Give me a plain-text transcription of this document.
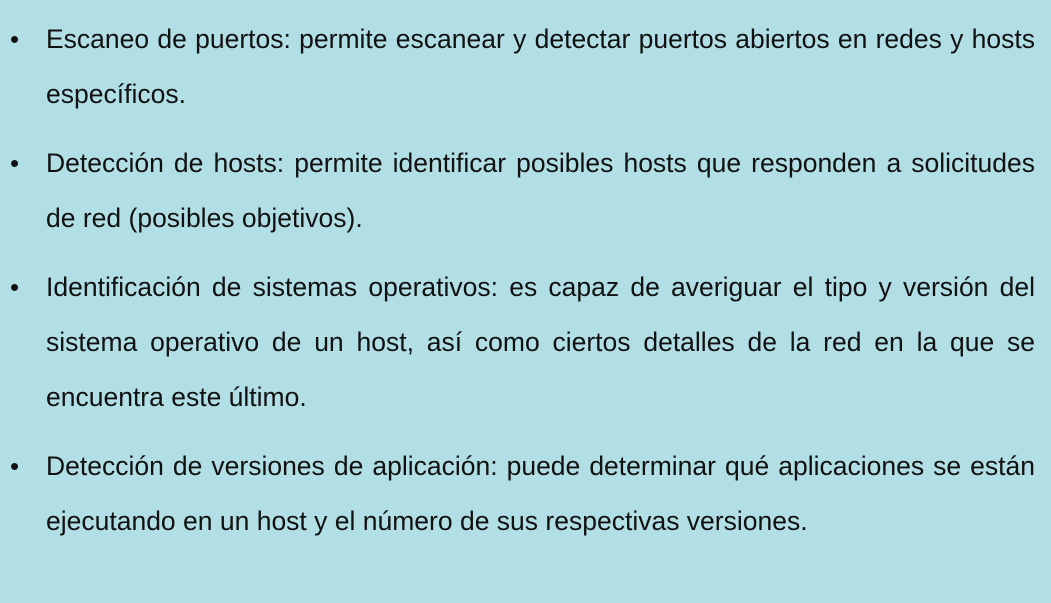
• Escaneo de puertos: permite escanear y detectar puertos abiertos en redes y hosts específicos.
• Detección de hosts: permite identificar posibles hosts que responden a solicitudes de red (posibles objetivos).
• Identificación de sistemas operativos: es capaz de averiguar el tipo y versión del sistema operativo de un host, así como ciertos detalles de la red en la que se encuentra este último.
• Detección de versiones de aplicación: puede determinar qué aplicaciones se están ejecutando en un host y el número de sus respectivas versiones.
